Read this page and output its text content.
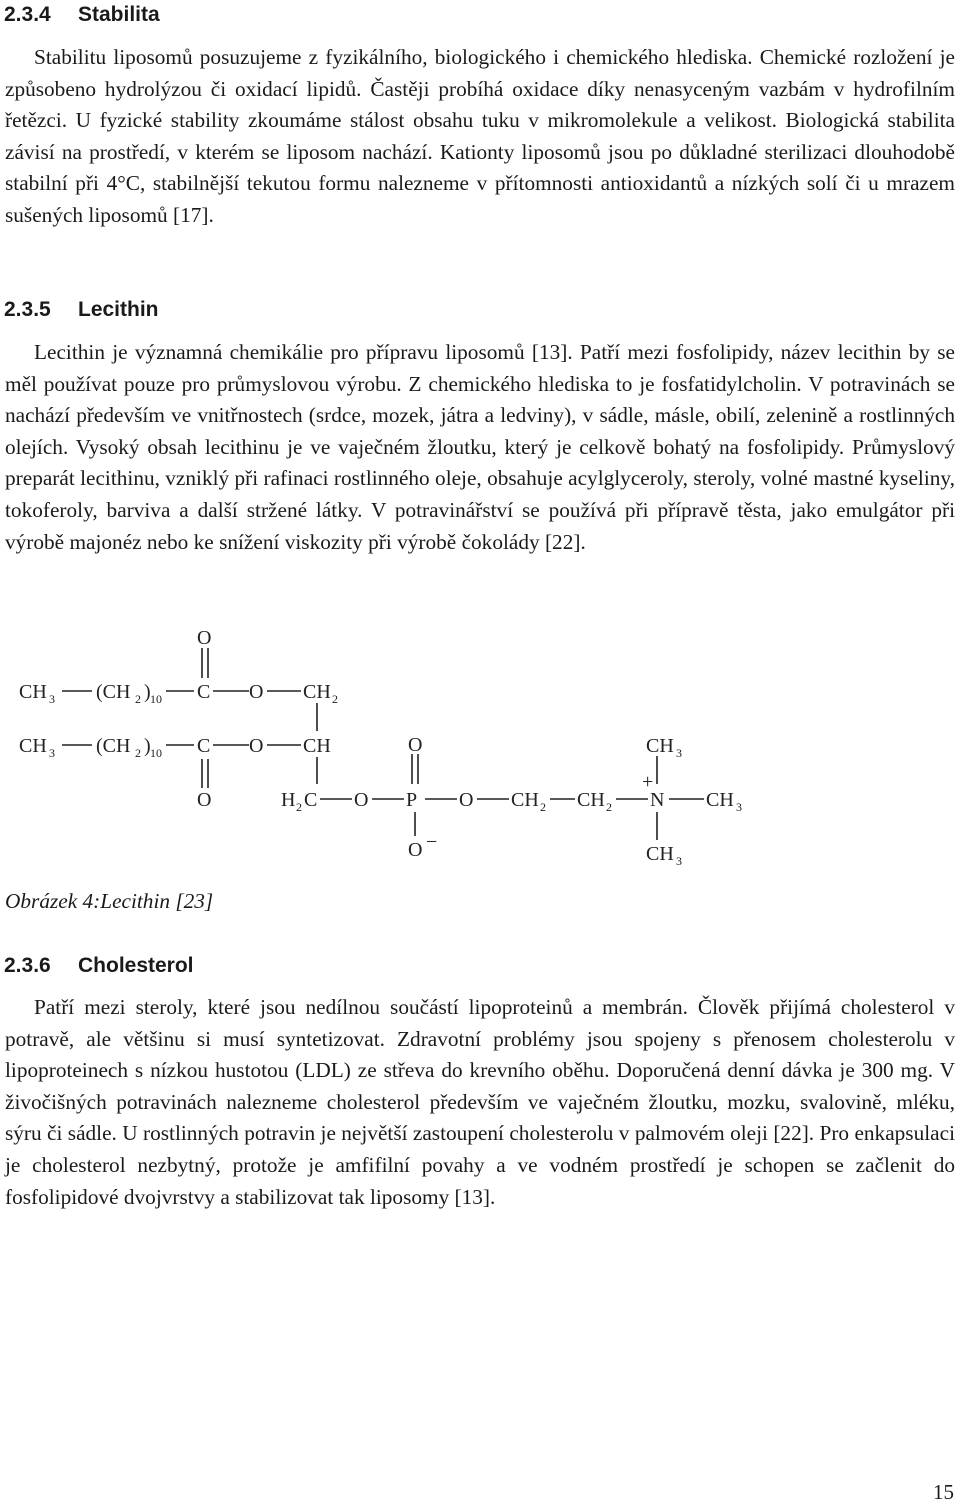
2.3.4 Stabilita

Stabilitu liposomů posuzujeme z fyzikálního, biologického i chemického hlediska. Chemické rozložení je způsobeno hydrolýzou či oxidací lipidů. Častěji probíhá oxidace díky nenasyceným vazbám v hydrofilním řetězci. U fyzické stability zkoumáme stálost obsahu tuku v mikromolekule a velikost. Biologická stabilita závisí na prostředí, v kterém se liposom nachází. Kationty liposomů jsou po důkladné sterilizaci dlouhodobě stabilní při 4°C, stabilnější tekutou formu nalezneme v přítomnosti antioxidantů a nízkých solí či u mrazem sušených liposomů [17].

2.3.5 Lecithin

Lecithin je významná chemikálie pro přípravu liposomů [13]. Patří mezi fosfolipidy, název lecithin by se měl používat pouze pro průmyslovou výrobu. Z chemického hlediska to je fosfatidylcholin. V potravinách se nachází především ve vnitřnostech (srdce, mozek, játra a ledviny), v sádle, másle, obilí, zelenině a rostlinných olejích. Vysoký obsah lecithinu je ve vaječném žloutku, který je celkově bohatý na fosfolipidy. Průmyslový preparát lecithinu, vzniklý při rafinaci rostlinného oleje, obsahuje acylglyceroly, steroly, volné mastné kyseliny, tokoferoly, barviva a další stržené látky. V potravinářství se používá při přípravě těsta, jako emulgátor při výrobě majonéz nebo ke snížení viskozity při výrobě čokolády [22].

CH 3 (CH 2 ) 10 C
O
O CH 2
CH 3 (CH 2 ) 10 C
O
O CH
H 2 C O P
O
O −
O CH 2 CH 2 N
+
CH 3
CH 3
CH 3
Obrázek 4:Lecithin [23]
2.3.6 Cholesterol

Patří mezi steroly, které jsou nedílnou součástí lipoproteinů a membrán. Člověk přijímá cholesterol v potravě, ale většinu si musí syntetizovat. Zdravotní problémy jsou spojeny s přenosem cholesterolu v lipoproteinech s nízkou hustotou (LDL) ze střeva do krevního oběhu. Doporučená denní dávka je 300 mg. V živočišných potravinách nalezneme cholesterol především ve vaječném žloutku, mozku, svalovině, mléku, sýru či sádle. U rostlinných potravin je největší zastoupení cholesterolu v palmovém oleji [22]. Pro enkapsulaci je cholesterol nezbytný, protože je amfifilní povahy a ve vodném prostředí je schopen se začlenit do fosfolipidové dvojvrstvy a stabilizovat tak liposomy [13].

15
